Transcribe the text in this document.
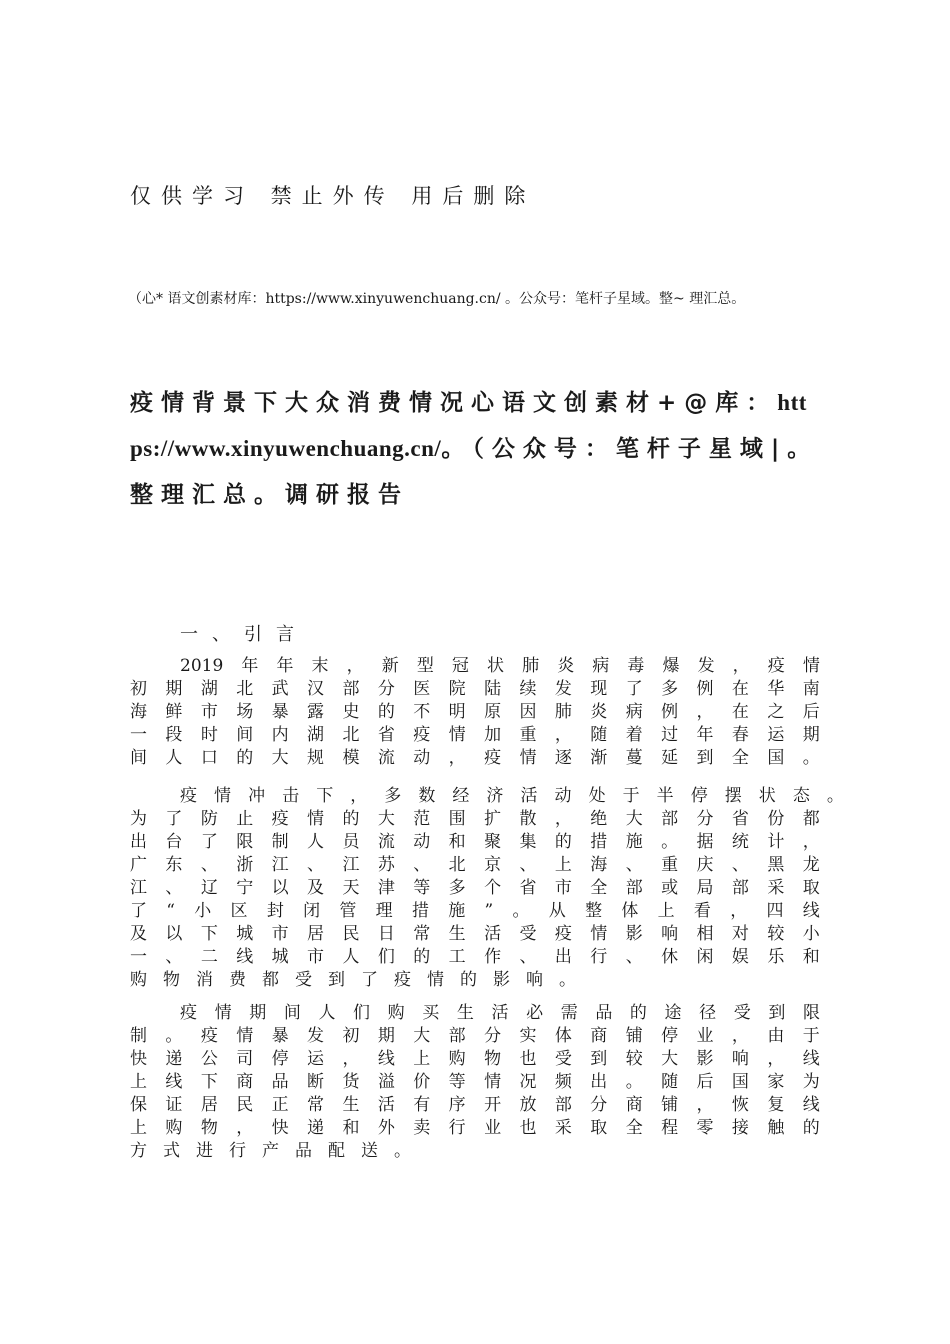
仅供学习 禁止外传 用后删除
（心* 语文创素材库：https://www.xinyuwenchuang.cn/ 。公众号：笔杆子星域。整~ 理汇总。
疫情背景下大众消费情况心语文创素材+@库：https://www.xinyuwenchuang.cn/。（公众号：笔杆子星域|。整理汇总。调研报告
一、引言
2019 年 年 末 ， 新 型 冠 状 肺 炎 病 毒 爆 发 ， 疫 情
初 期 湖 北 武 汉 部 分 医 院 陆 续 发 现 了 多 例 在 华 南
海 鲜 市 场 暴 露 史 的 不 明 原 因 肺 炎 病 例 ， 在 之 后
一 段 时 间 内 湖 北 省 疫 情 加 重 ， 随 着 过 年 春 运 期
间 人 口 的 大 规 模 流 动 ， 疫 情 逐 渐 蔓 延 到 全 国 。
疫 情 冲 击 下 ， 多 数 经 济 活 动 处 于 半 停 摆 状 态 。
为 了 防 止 疫 情 的 大 范 围 扩 散 ， 绝 大 部 分 省 份 都
出 台 了 限 制 人 员 流 动 和 聚 集 的 措 施 。 据 统 计 ，
广 东 、 浙 江 、 江 苏 、 北 京 、 上 海 、 重 庆 、 黑 龙
江 、 辽 宁 以 及 天 津 等 多 个 省 市 全 部 或 局 部 采 取
了 “ 小 区 封 闭 管 理 措 施 ” 。 从 整 体 上 看 ， 四 线
及 以 下 城 市 居 民 日 常 生 活 受 疫 情 影 响 相 对 较 小
一 、 二 线 城 市 人 们 的 工 作 、 出 行 、 休 闲 娱 乐 和
购 物 消 费 都 受 到 了 疫 情 的 影 响 。
疫 情 期 间 人 们 购 买 生 活 必 需 品 的 途 径 受 到 限
制 。 疫 情 暴 发 初 期 大 部 分 实 体 商 铺 停 业 ， 由 于
快 递 公 司 停 运 ， 线 上 购 物 也 受 到 较 大 影 响 ， 线
上 线 下 商 品 断 货 溢 价 等 情 况 频 出 。 随 后 国 家 为
保 证 居 民 正 常 生 活 有 序 开 放 部 分 商 铺 ， 恢 复 线
上 购 物 ， 快 递 和 外 卖 行 业 也 采 取 全 程 零 接 触 的
方 式 进 行 产 品 配 送 。
